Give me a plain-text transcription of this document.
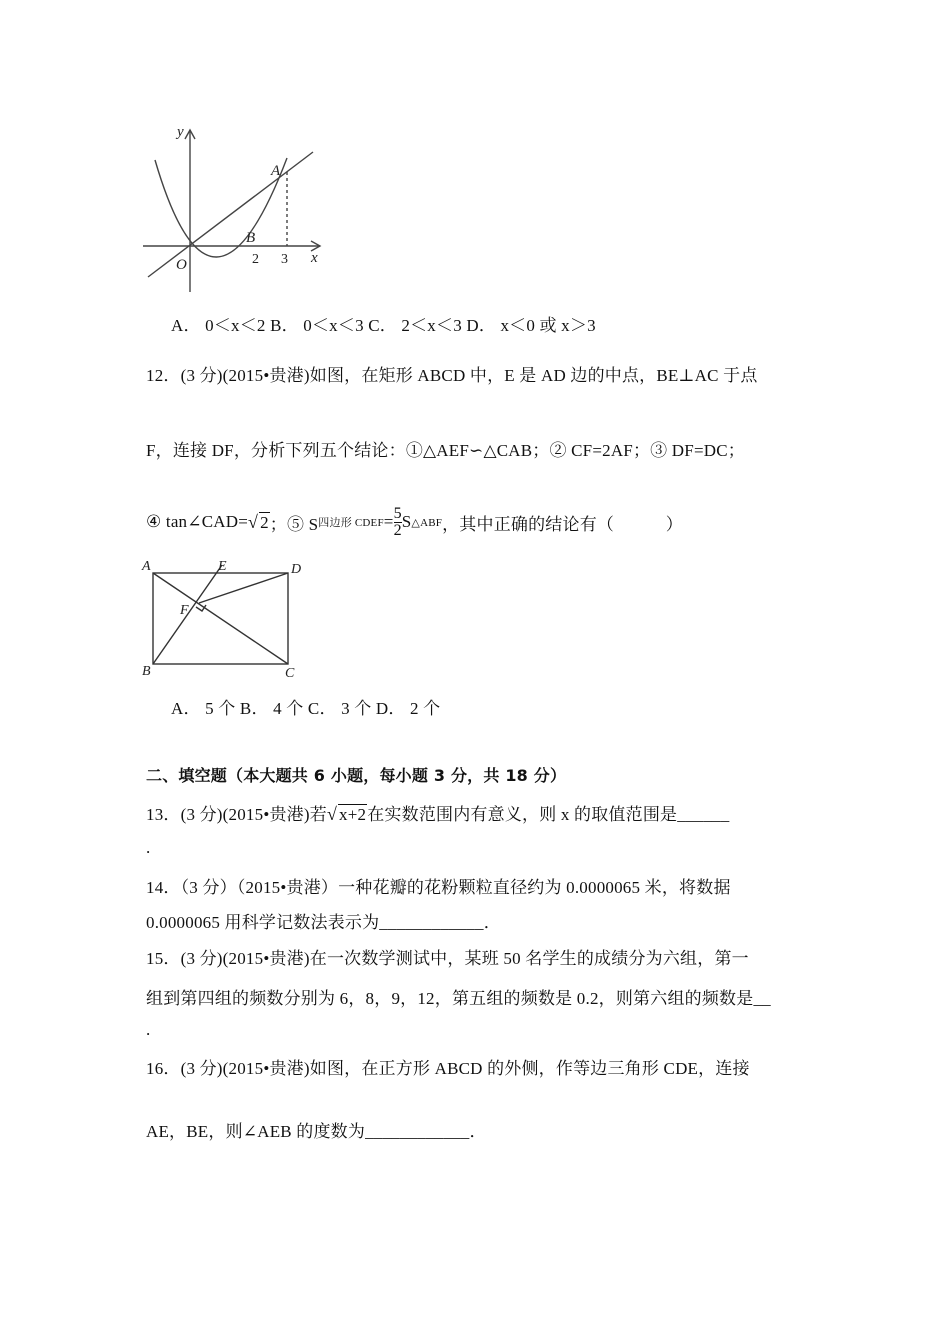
y
x
O
A
B
2 3
A． 0＜x＜2 B． 0＜x＜3 C． 2＜x＜3 D． x＜0 或 x＞3
12．(3 分)(2015•贵港)如图，在矩形 ABCD 中，E 是 AD 边的中点，BE⊥AC 于点
F，连接 DF，分析下列五个结论：①△AEF∽△CAB；② CF=2AF；③ DF=DC；
④ tan∠CAD= √ 2 ；⑤ S 四边形 CDEF = $\frac{5}{2}$ S △ABF ，其中正确的结论有（　　　）
A	E	D
F
B	C
A． 5 个 B． 4 个 C． 3 个 D． 2 个
二、填空题（本大题共 6 小题，每小题 3 分，共 18 分）
13．(3 分)(2015•贵港)若√ x+2在实数范围内有意义，则 x 的取值范围是______
.
14．（3 分）（2015•贵港）一种花瓣的花粉颗粒直径约为 0.0000065 米，将数据
0.0000065 用科学记数法表示为____________．
15．(3 分)(2015•贵港)在一次数学测试中，某班 50 名学生的成绩分为六组，第一
组到第四组的频数分别为 6，8，9，12，第五组的频数是 0.2，则第六组的频数是__
.
16．(3 分)(2015•贵港)如图，在正方形 ABCD 的外侧，作等边三角形 CDE，连接
AE，BE，则∠AEB 的度数为____________．
